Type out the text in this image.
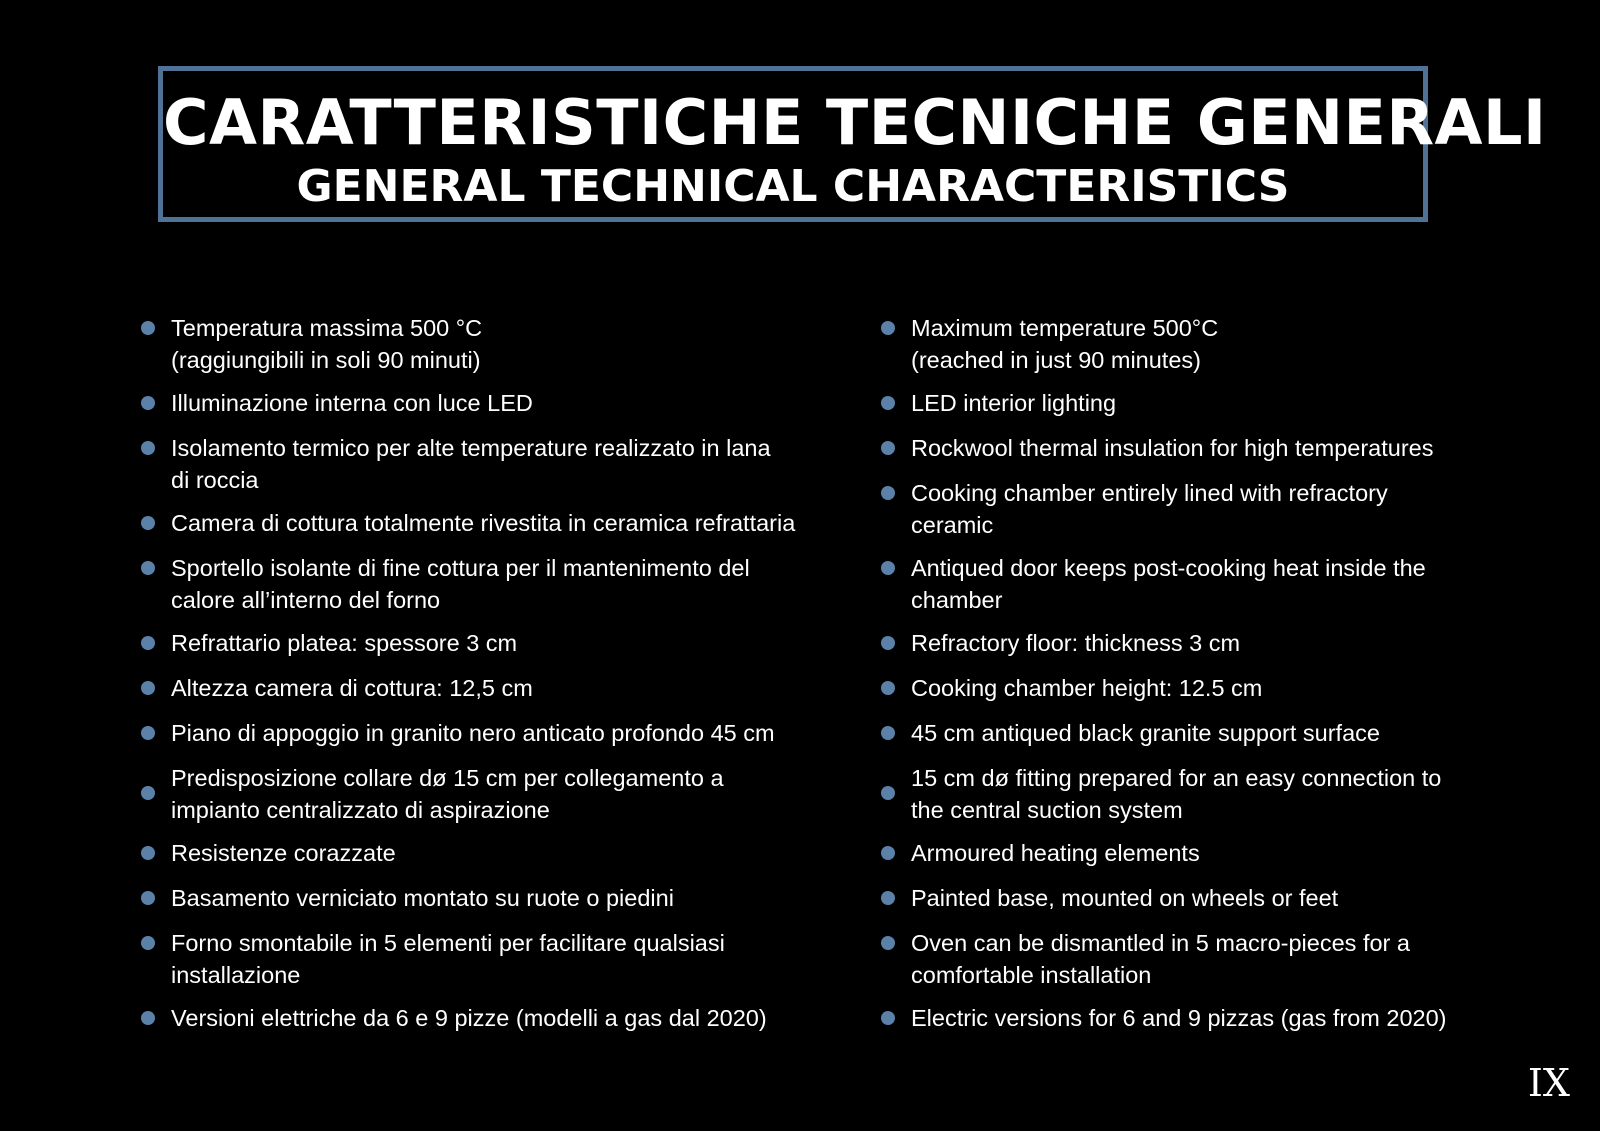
CARATTERISTICHE TECNICHE GENERALI
GENERAL TECHNICAL CHARACTERISTICS
Temperatura massima 500 °C
(raggiungibili in soli 90 minuti)
Illuminazione interna con luce LED
Isolamento termico per alte temperature realizzato in lana
di roccia
Camera di cottura totalmente rivestita in ceramica refrattaria
Sportello isolante di fine cottura per il mantenimento del
calore all’interno del forno
Refrattario platea: spessore 3 cm
Altezza camera di cottura: 12,5 cm
Piano di appoggio in granito nero anticato profondo 45 cm
Predisposizione collare dø 15 cm per collegamento a
impianto centralizzato di aspirazione
Resistenze corazzate
Basamento verniciato montato su ruote o piedini
Forno smontabile in 5 elementi per facilitare qualsiasi
installazione
Versioni elettriche da 6 e 9 pizze (modelli a gas dal 2020)
Maximum temperature 500°C
(reached in just 90 minutes)
LED interior lighting
Rockwool thermal insulation for high temperatures
Cooking chamber entirely lined with refractory
ceramic
Antiqued door keeps post-cooking heat inside the
chamber
Refractory floor: thickness 3 cm
Cooking chamber height: 12.5 cm
45 cm antiqued black granite support surface
15 cm dø fitting prepared for an easy connection to
the central suction system
Armoured heating elements
Painted base, mounted on wheels or feet
Oven can be dismantled in 5 macro-pieces for a
comfortable installation
Electric versions for 6 and 9 pizzas (gas from 2020)
IX
